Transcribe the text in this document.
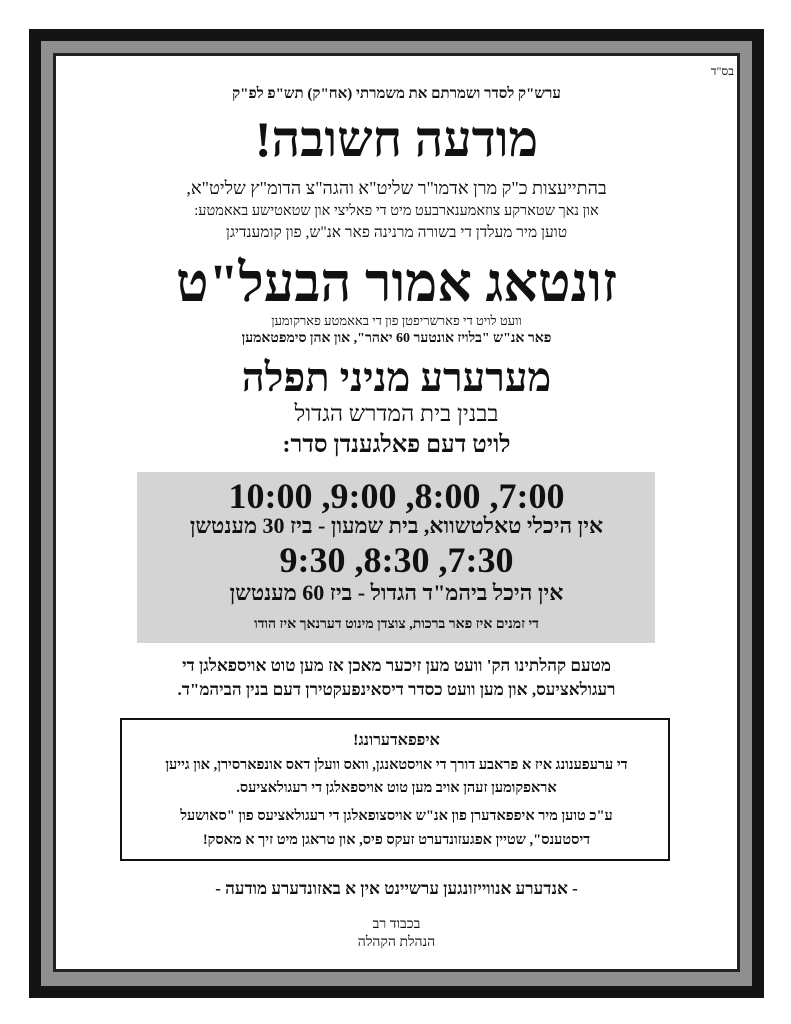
בס"ד
ערש"ק לסדר ושמרתם את משמרתי (אח"ק) תש"פ לפ"ק
מודעה חשובה!
בהתייעצות כ"ק מרן אדמו"ר שליט"א והגה"צ הדומ"ץ שליט"א,
און נאך שטארקע צוזאמענארבעט מיט די פאליצי און שטאטישע באאמטע:
טוען מיר מעלדן די בשורה מרנינה פאר אנ"ש, פון קומענדיגן
זונטאג אמור הבעל"ט
וועט לויט די פארשריפטן פון די באאמטע פארקומען
פאר אנ"ש "בלויז אונטער 60 יאהר", און אהן סימפטאמען
מערערע מניני תפלה
בבנין בית המדרש הגדול
לויט דעם פאלגענדן סדר:
7:00, 8:00, 9:00, 10:00
אין היכלי טאלטשווא, בית שמעון - ביז 30 מענטשן
7:30, 8:30, 9:30
אין היכל ביהמ"ד הגדול - ביז 60 מענטשן
די זמנים איז פאר ברכות, צוצדן מינוט דערנאך איז הודו
מטעם קהלתינו הק' וועט מען זיכער מאכן אז מען טוט אויספאלגן די
רעגולאציעס, און מען וועט כסדר דיסאינפעקטירן דעם בנין הביהמ"ד.
איפפאדערונג!
די ערעפענונג איז א פראבע דורך די אויסטאנגן, וואס וועלן דאס אונפארסירן, און גייען
אראפקומען זעהן אויב מען טוט אויספאלגן די רעגולאציעס.
ע"כ טוען מיר איפפאדערן פון אנ"ש אויסצופאלגן די רעגולאציעס פון "סאושעל
דיסטענס", שטיין אפגעזונדערט זעקס פיס, און טראגן מיט זיך א מאסק!
- אנדערע אנווייזונגען ערשיינט אין א באזונדערע מודעה -
בכבוד רב
הנהלת הקהלה
